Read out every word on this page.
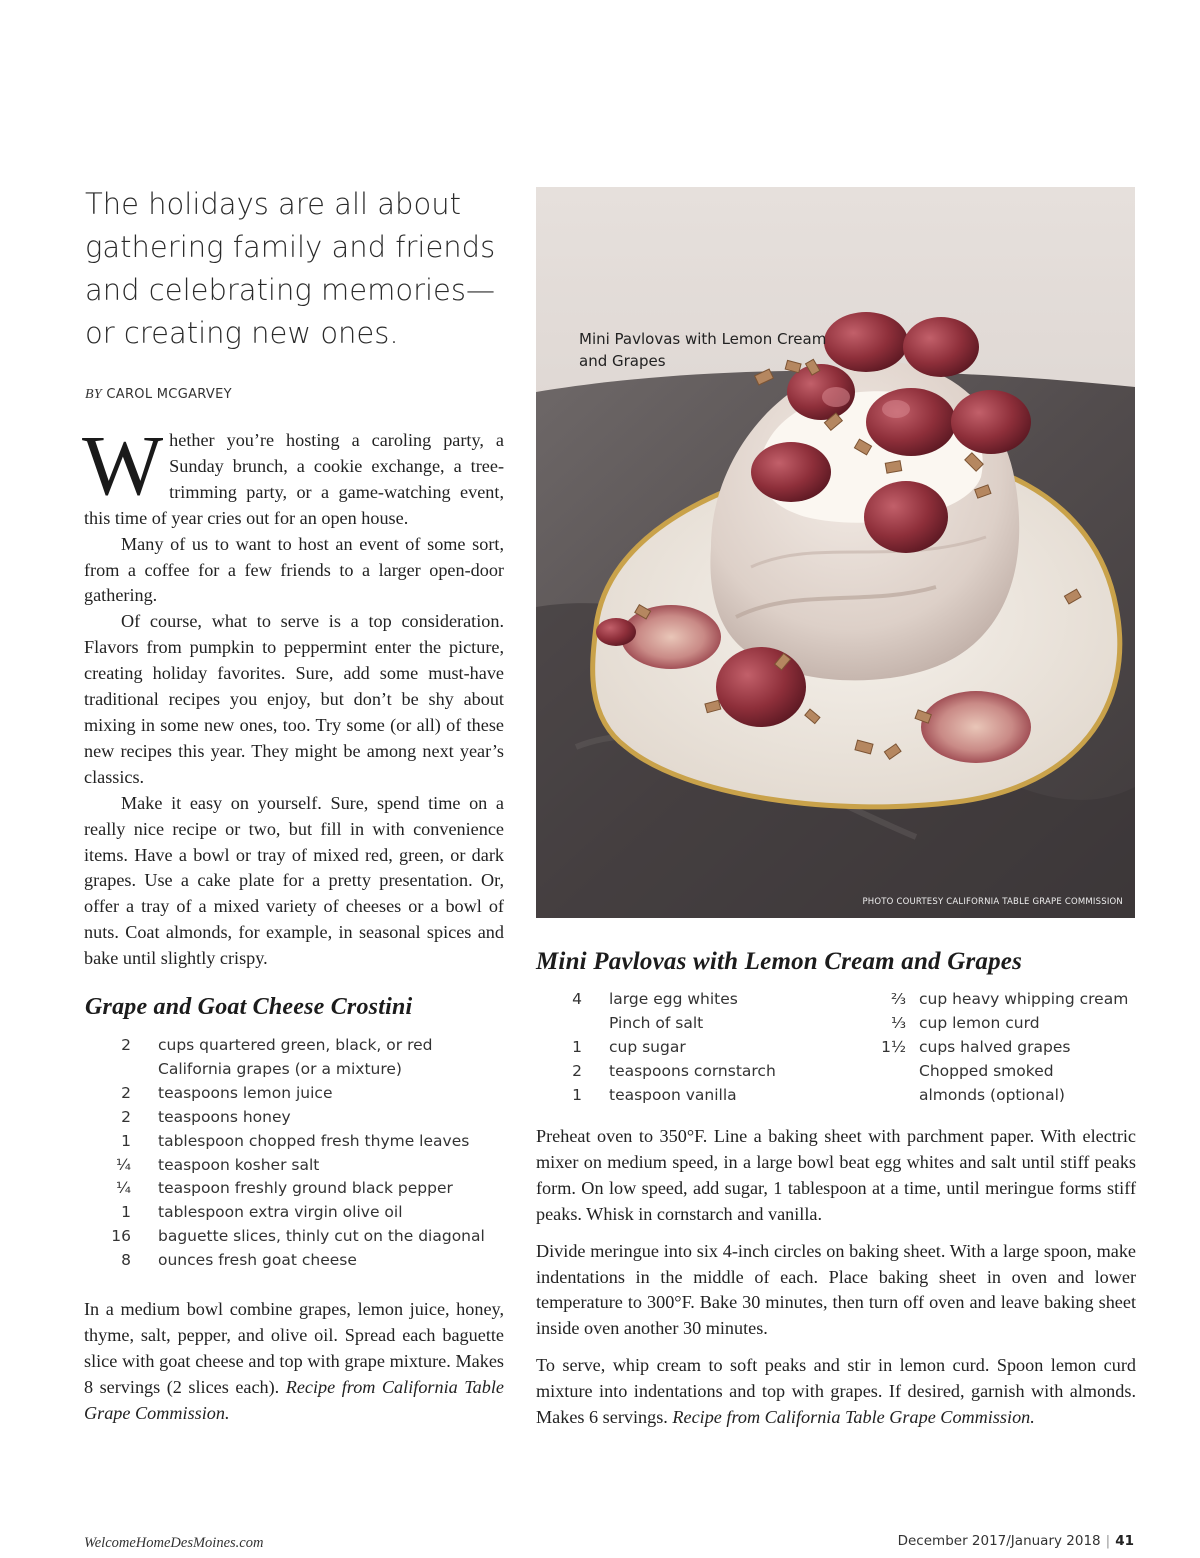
The holidays are all about
gathering family and friends
and celebrating memories—
or creating new ones.
BY CAROL MCGARVEY

Whether you’re hosting a caroling party, a Sunday brunch, a cookie exchange, a tree-trimming party, or a game-watching event, this time of year cries out for an open house.

Many of us to want to host an event of some sort, from a coffee for a few friends to a larger open-door gathering.

Of course, what to serve is a top consideration. Flavors from pumpkin to peppermint enter the picture, creating holiday favorites. Sure, add some must-have traditional recipes you enjoy, but don’t be shy about mixing in some new ones, too. Try some (or all) of these new recipes this year. They might be among next year’s classics.

Make it easy on yourself. Sure, spend time on a really nice recipe or two, but fill in with convenience items. Have a bowl or tray of mixed red, green, or dark grapes. Use a cake plate for a pretty presentation. Or, offer a tray of a mixed variety of cheeses or a bowl of nuts. Coat almonds, for example, in seasonal spices and bake until slightly crispy.

Grape and Goat Cheese Crostini
2 cups quartered green, black, or red
California grapes (or a mixture)
2 teaspoons lemon juice
2 teaspoons honey
1 tablespoon chopped fresh thyme leaves
¼ teaspoon kosher salt
¼ teaspoon freshly ground black pepper
1 tablespoon extra virgin olive oil
16 baguette slices, thinly cut on the diagonal
8 ounces fresh goat cheese

In a medium bowl combine grapes, lemon juice, honey, thyme, salt, pepper, and olive oil. Spread each baguette slice with goat cheese and top with grape mixture. Makes 8 servings (2 slices each). Recipe from California Table Grape Commission.

Mini Pavlovas with Lemon Cream and Grapes
PHOTO COURTESY CALIFORNIA TABLE GRAPE COMMISSION
Mini Pavlovas with Lemon Cream and Grapes
4 large egg whites
Pinch of salt
1 cup sugar
2 teaspoons cornstarch
1 teaspoon vanilla
⅔ cup heavy whipping cream
⅓ cup lemon curd
1½ cups halved grapes
Chopped smoked
almonds (optional)

Preheat oven to 350°F. Line a baking sheet with parchment paper. With electric mixer on medium speed, in a large bowl beat egg whites and salt until stiff peaks form. On low speed, add sugar, 1 tablespoon at a time, until meringue forms stiff peaks. Whisk in cornstarch and vanilla.

Divide meringue into six 4-inch circles on baking sheet. With a large spoon, make indentations in the middle of each. Place baking sheet in oven and lower temperature to 300°F. Bake 30 minutes, then turn off oven and leave baking sheet inside oven another 30 minutes.

To serve, whip cream to soft peaks and stir in lemon curd. Spoon lemon curd mixture into indentations and top with grapes. If desired, garnish with almonds. Makes 6 servings. Recipe from California Table Grape Commission.

WelcomeHomeDesMoines.com	December 2017/January 2018 | 41
